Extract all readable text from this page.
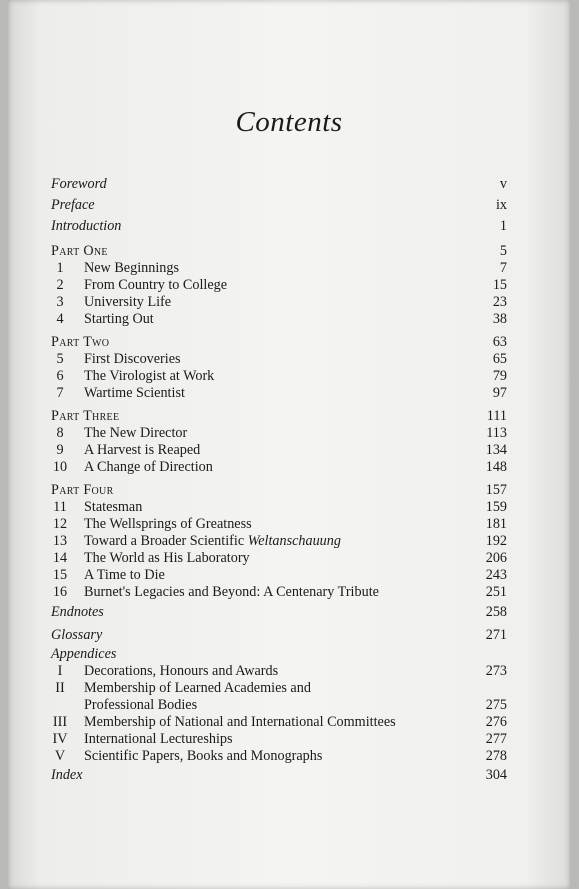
Contents
Foreword	v
Preface	ix
Introduction	1
Part One	5
1	New Beginnings	7
2	From Country to College	15
3	University Life	23
4	Starting Out	38
Part Two	63
5	First Discoveries	65
6	The Virologist at Work	79
7	Wartime Scientist	97
Part Three	111
8	The New Director	113
9	A Harvest is Reaped	134
10 A Change of Direction	148
Part Four	157
11 Statesman	159
12 The Wellsprings of Greatness	181
13 Toward a Broader Scientific Weltanschauung	192
14 The World as His Laboratory	206
15 A Time to Die	243
16 Burnet's Legacies and Beyond: A Centenary Tribute	251
Endnotes	258
Glossary	271
Appendices
I	Decorations, Honours and Awards	273
II	Membership of Learned Academies and
Professional Bodies	275
III Membership of National and International Committees	276
IV International Lectureships	277
V Scientific Papers, Books and Monographs	278
Index	304
